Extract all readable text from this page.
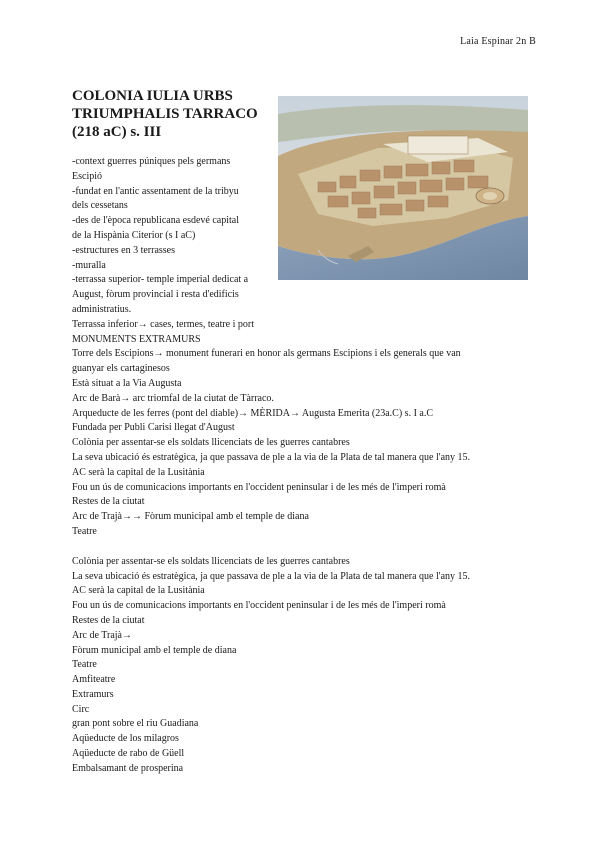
Laia Espinar 2n B
COLONIA IULIA URBS TRIUMPHALIS TARRACO (218 aC) s. III
-context guerres púniques pels germans
Escipió
-fundat en l'antic assentament de la tribyu
dels cessetans
-des de l'època republicana esdevé capital
de la Hispània Citerior (s I aC)
-estructures en 3 terrasses
-muralla
-terrassa superior- temple imperial dedicat a
August, fòrum provincial i resta d'edificis
administratius.
Terrassa inferior→ cases, termes, teatre i port
MONUMENTS EXTRAMURS
Torre dels Escipions→ monument funerari en honor als germans Escipions i els generals que van
guanyar els cartaginesos
Està situat a la Via Augusta
Arc de Barà→ arc triomfal de la ciutat de Tàrraco.
Arqueducte de les ferres (pont del diable)→ MÈRIDA→ Augusta Emerita (23a.C) s. I a.C
Fundada per Publi Carisi llegat d'August
Colònia per assentar-se els soldats llicenciats de les guerres cantabres
La seva ubicació és estratègica, ja que passava de ple a la via de la Plata de tal manera que l'any 15.
AC serà la capital de la Lusitània
Fou un ús de comunicacions importants en l'occident peninsular i de les més de l'imperi romà
Restes de la ciutat
Arc de Trajà→→ Fòrum municipal amb el temple de diana
Teatre
Colònia per assentar-se els soldats llicenciats de les guerres cantabres
La seva ubicació és estratègica, ja que passava de ple a la via de la Plata de tal manera que l'any 15.
AC serà la capital de la Lusitània
Fou un ús de comunicacions importants en l'occident peninsular i de les més de l'imperi romà
Restes de la ciutat
Arc de Trajà→
Fòrum municipal amb el temple de diana
Teatre
Amfiteatre
Extramurs
Circ
gran pont sobre el riu Guadiana
Aqüeducte de los milagros
Aqüeducte de rabo de Güell
Embalsamant de prosperina
